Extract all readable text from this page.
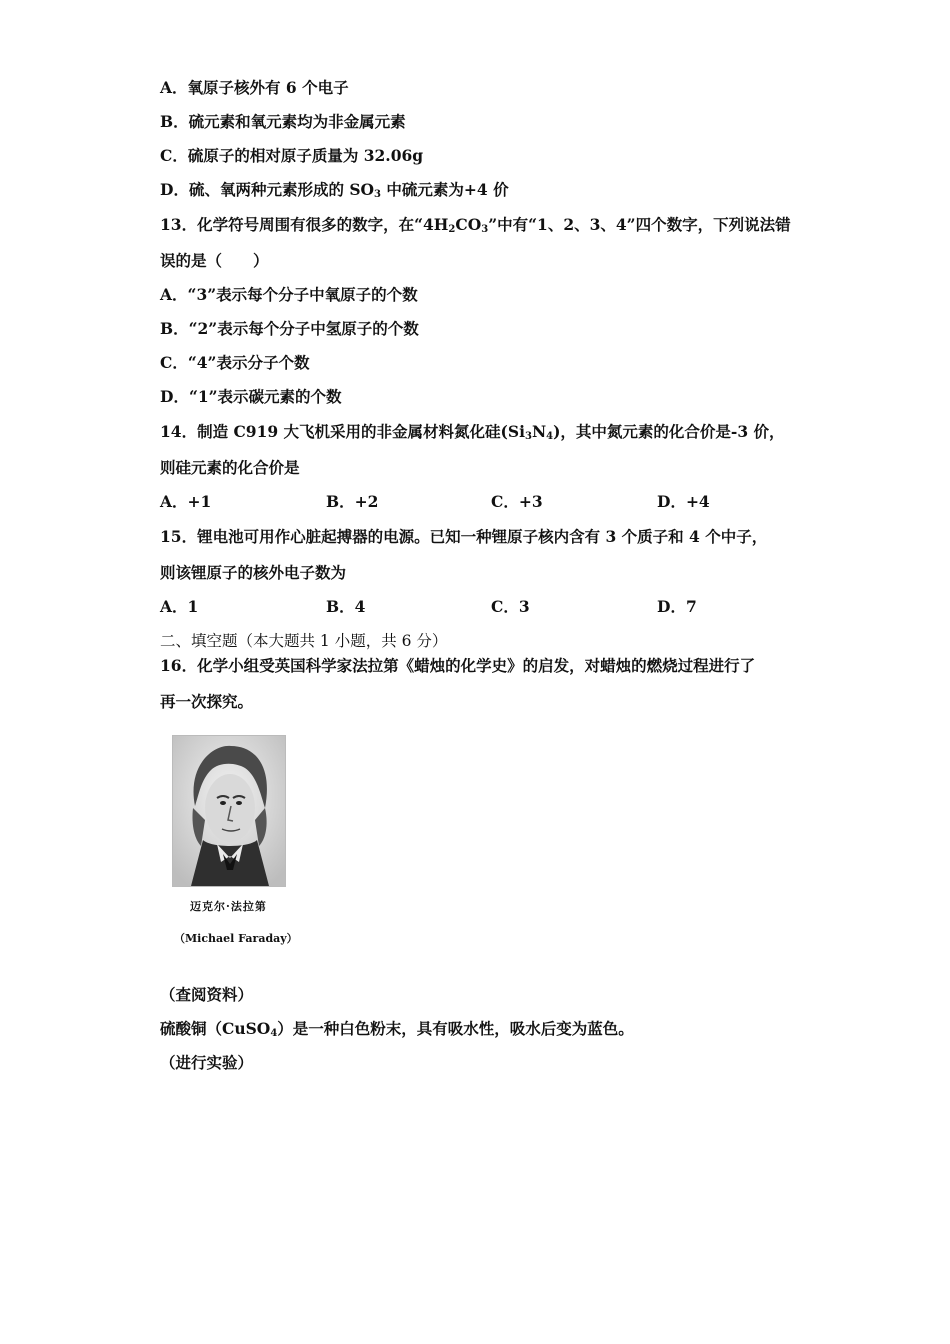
A．氧原子核外有 6 个电子
B．硫元素和氧元素均为非金属元素
C．硫原子的相对原子质量为 32.06g
D．硫、氧两种元素形成的 $SO_3$ 中硫元素为+4 价
13．化学符号周围有很多的数字，在“$4H_2CO_3$”中有“1、2、3、4”四个数字，下列说法错
误的是（　　）
A．“3”表示每个分子中氧原子的个数
B．“2”表示每个分子中氢原子的个数
C．“4”表示分子个数
D．“1”表示碳元素的个数
14．制造 C919 大飞机采用的非金属材料氮化硅$(Si_3N_4)$，其中氮元素的化合价是-3 价，
则硅元素的化合价是
A．+1	B．+2	C．+3	D．+4
15．锂电池可用作心脏起搏器的电源。已知一种锂原子核内含有 3 个质子和 4 个中子，
则该锂原子的核外电子数为
A．1	B．4	C．3	D．7
二、填空题（本大题共 1 小题，共 6 分）
16．化学小组受英国科学家法拉第《蜡烛的化学史》的启发，对蜡烛的燃烧过程进行了
再一次探究。
迈克尔·法拉第
（Michael Faraday）
（查阅资料）
硫酸铜（CuSO$_4$）是一种白色粉末，具有吸水性，吸水后变为蓝色。
（进行实验）
